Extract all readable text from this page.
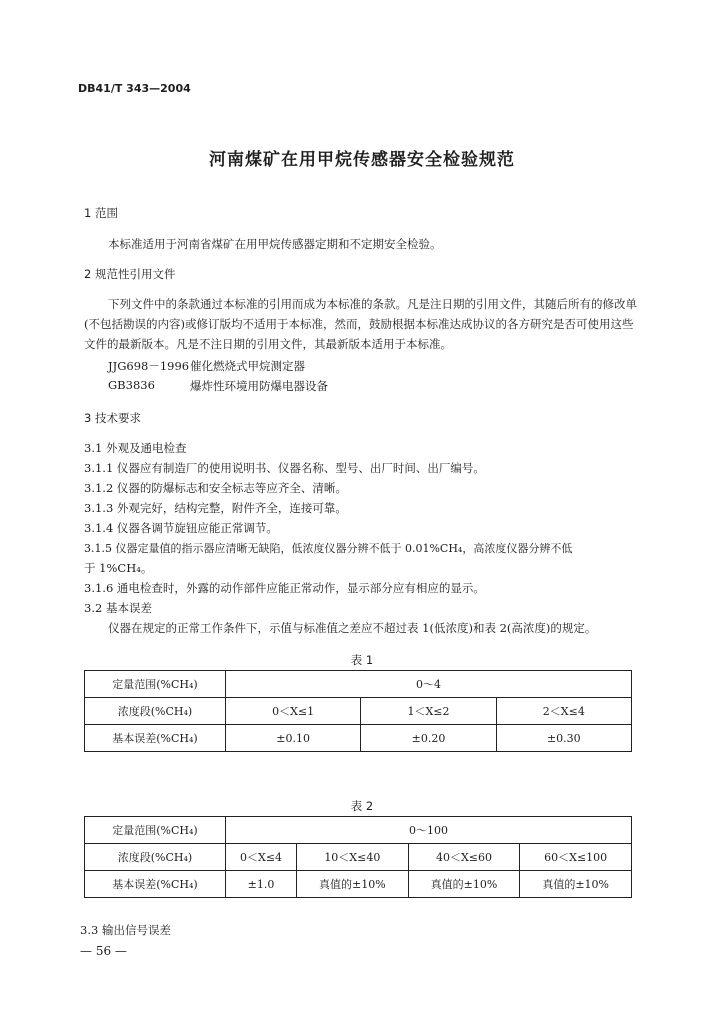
DB41/T 343—2004
河南煤矿在用甲烷传感器安全检验规范
1 范围
本标准适用于河南省煤矿在用甲烷传感器定期和不定期安全检验。
2 规范性引用文件
下列文件中的条款通过本标准的引用而成为本标准的条款。凡是注日期的引用文件，其随后所有的修改单(不包括勘误的内容)或修订版均不适用于本标准，然而，鼓励根据本标准达成协议的各方研究是否可使用这些文件的最新版本。凡是不注日期的引用文件，其最新版本适用于本标准。
JJG698－1996 催化燃烧式甲烷测定器
GB3836	爆炸性环境用防爆电器设备
3 技术要求
3.1 外观及通电检查
3.1.1 仪器应有制造厂的使用说明书、仪器名称、型号、出厂时间、出厂编号。
3.1.2 仪器的防爆标志和安全标志等应齐全、清晰。
3.1.3 外观完好，结构完整，附件齐全，连接可靠。
3.1.4 仪器各调节旋钮应能正常调节。
3.1.5 仪器定量值的指示器应清晰无缺陷，低浓度仪器分辨不低于 0.01%CH₄，高浓度仪器分辨不低
于 1%CH₄。
3.1.6 通电检查时，外露的动作部件应能正常动作，显示部分应有相应的显示。
3.2 基本误差
仪器在规定的正常工作条件下，示值与标准值之差应不超过表 1(低浓度)和表 2(高浓度)的规定。
表 1
定量范围(%CH₄)	0～4		
浓度段(%CH₄)	0＜X≤1	1＜X≤2	2＜X≤4
基本误差(%CH₄)	±0.10	±0.20	±0.30
表 2
定量范围(%CH₄)	0～100			
浓度段(%CH₄)	0＜X≤4	10＜X≤40	40＜X≤60	60＜X≤100
基本误差(%CH₄)	±1.0	真值的±10%	真值的±10%	真值的±10%
3.3 输出信号误差
— 56 —
